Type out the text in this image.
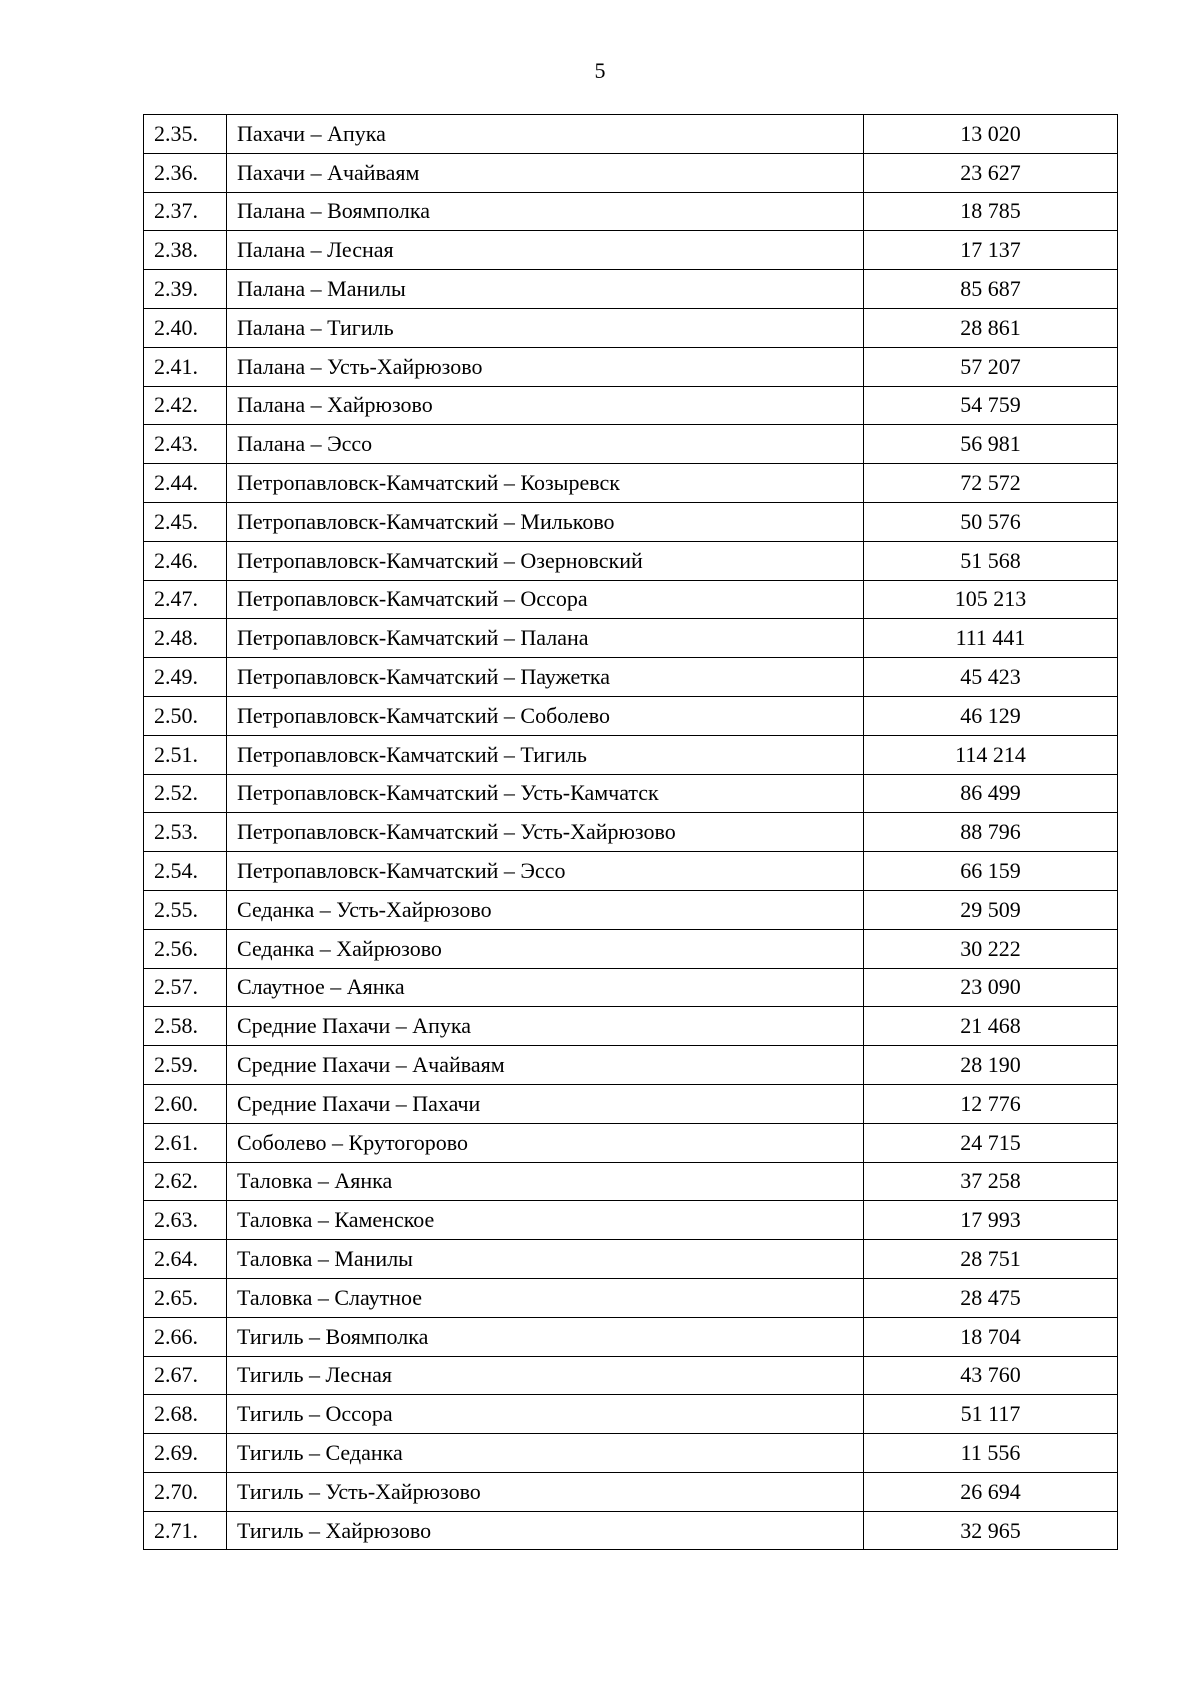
5
2.35.	Пахачи – Апука	13 020
2.36.	Пахачи – Ачайваям	23 627
2.37.	Палана – Воямполка	18 785
2.38.	Палана – Лесная	17 137
2.39.	Палана – Манилы	85 687
2.40.	Палана – Тигиль	28 861
2.41.	Палана – Усть-Хайрюзово	57 207
2.42.	Палана – Хайрюзово	54 759
2.43.	Палана – Эссо	56 981
2.44.	Петропавловск-Камчатский – Козыревск	72 572
2.45.	Петропавловск-Камчатский – Мильково	50 576
2.46.	Петропавловск-Камчатский – Озерновский	51 568
2.47.	Петропавловск-Камчатский – Оссора	105 213
2.48.	Петропавловск-Камчатский – Палана	111 441
2.49.	Петропавловск-Камчатский – Паужетка	45 423
2.50.	Петропавловск-Камчатский – Соболево	46 129
2.51.	Петропавловск-Камчатский – Тигиль	114 214
2.52.	Петропавловск-Камчатский – Усть-Камчатск	86 499
2.53.	Петропавловск-Камчатский – Усть-Хайрюзово	88 796
2.54.	Петропавловск-Камчатский – Эссо	66 159
2.55.	Седанка – Усть-Хайрюзово	29 509
2.56.	Седанка – Хайрюзово	30 222
2.57.	Слаутное – Аянка	23 090
2.58.	Средние Пахачи – Апука	21 468
2.59.	Средние Пахачи – Ачайваям	28 190
2.60.	Средние Пахачи – Пахачи	12 776
2.61.	Соболево – Крутогорово	24 715
2.62.	Таловка – Аянка	37 258
2.63.	Таловка – Каменское	17 993
2.64.	Таловка – Манилы	28 751
2.65.	Таловка – Слаутное	28 475
2.66.	Тигиль – Воямполка	18 704
2.67.	Тигиль – Лесная	43 760
2.68.	Тигиль – Оссора	51 117
2.69.	Тигиль – Седанка	11 556
2.70.	Тигиль – Усть-Хайрюзово	26 694
2.71.	Тигиль – Хайрюзово	32 965
